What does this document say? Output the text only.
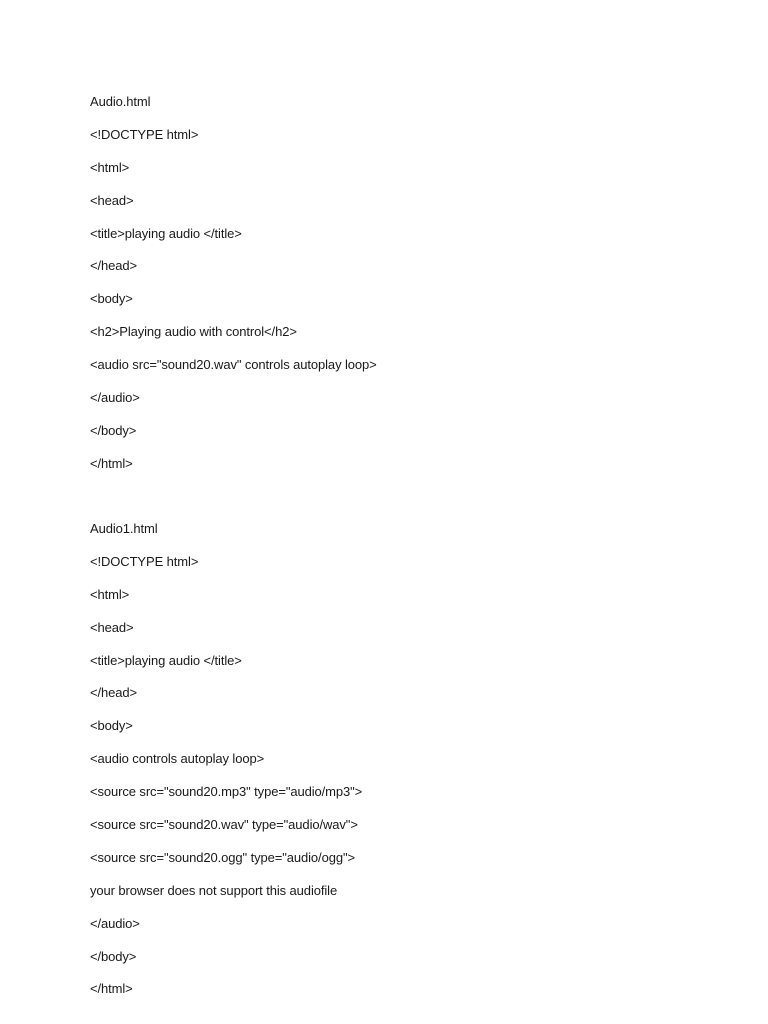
Audio.html
<!DOCTYPE html>
<html>
<head>
<title>playing audio </title>
</head>
<body>
<h2>Playing audio with control</h2>
<audio src="sound20.wav" controls autoplay loop>
</audio>
</body>
</html>
Audio1.html
<!DOCTYPE html>
<html>
<head>
<title>playing audio </title>
</head>
<body>
<audio controls autoplay loop>
<source src="sound20.mp3" type="audio/mp3">
<source src="sound20.wav" type="audio/wav">
<source src="sound20.ogg" type="audio/ogg">
your browser does not support this audiofile
</audio>
</body>
</html>
